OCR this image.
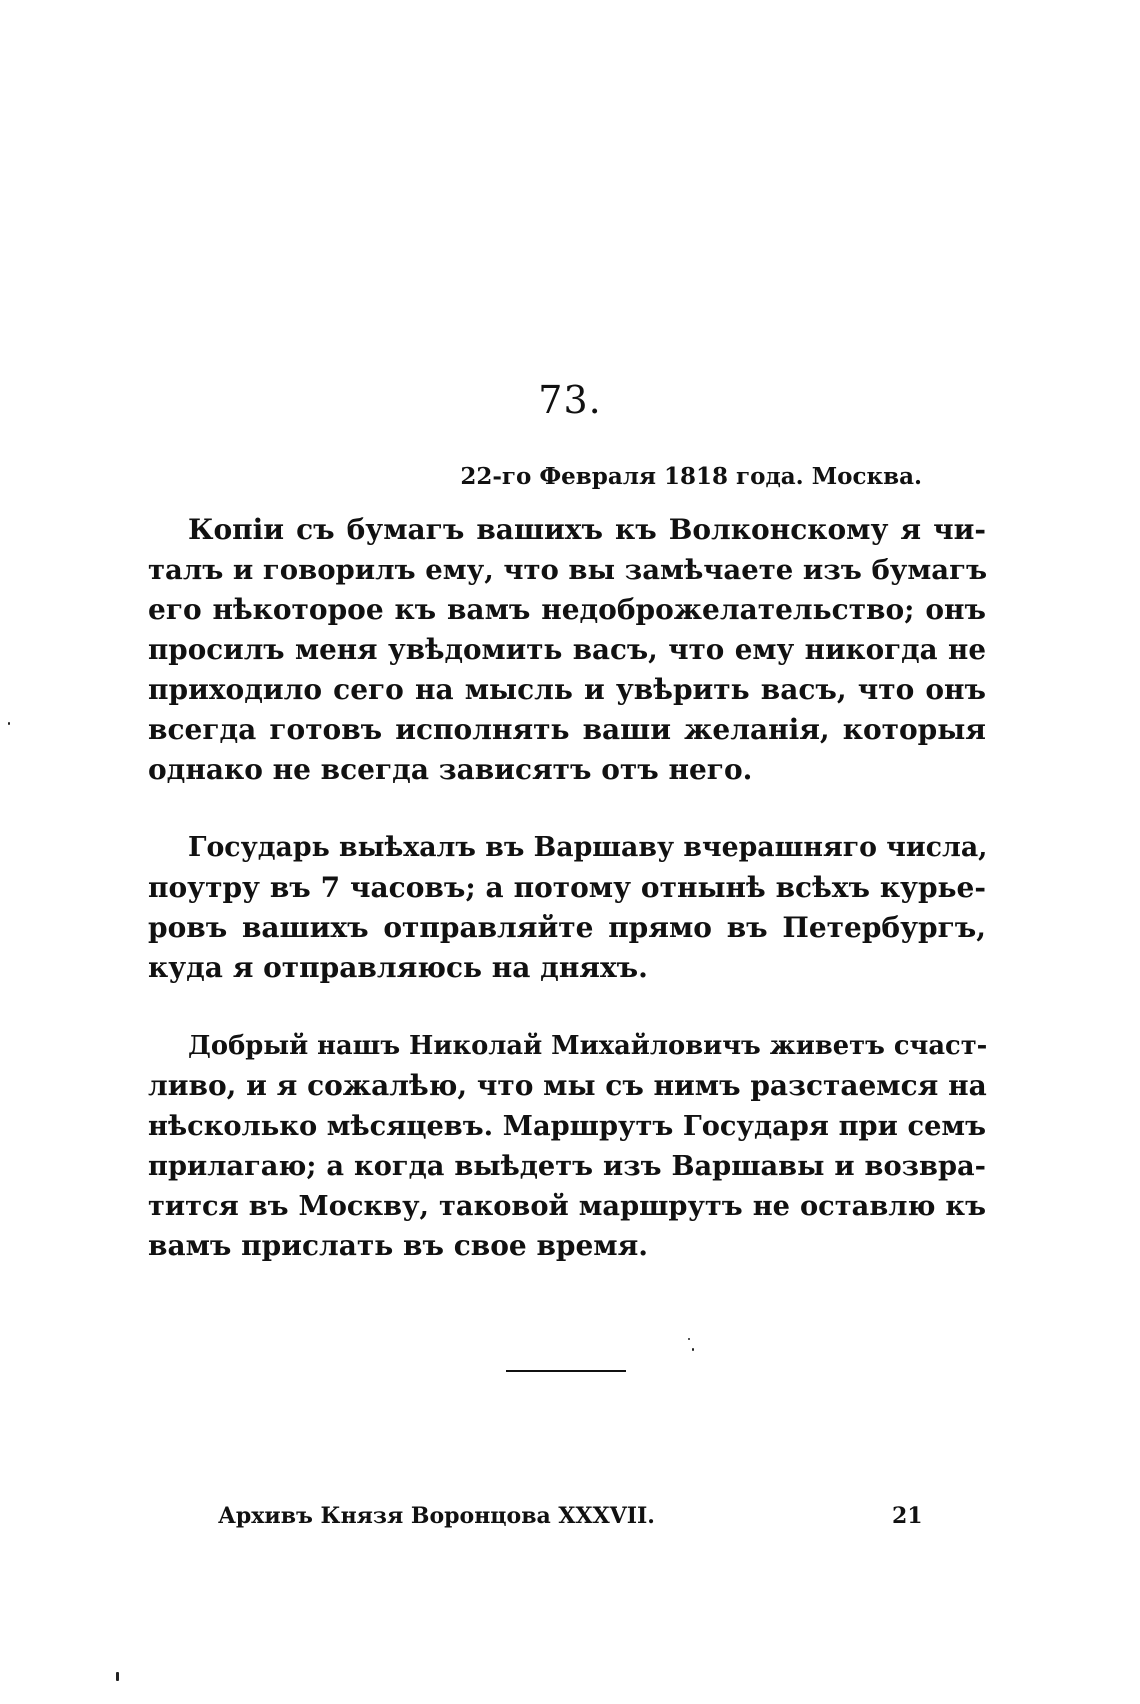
73.
22-го Февраля 1818 года. Москва.

Копіи съ бумагъ вашихъ къ Волконскому я чи-
талъ и говорилъ ему, что вы замѣчаете изъ бумагъ
его нѣкоторое къ вамъ недоброжелательство; онъ
просилъ меня увѣдомить васъ, что ему никогда не
приходило сего на мысль и увѣрить васъ, что онъ
всегда готовъ исполнять ваши желанія, которыя
однако не всегда зависятъ отъ него.

Государь выѣхалъ въ Варшаву вчерашняго числа,
поутру въ 7 часовъ; а потому отнынѣ всѣхъ курье-
ровъ вашихъ отправляйте прямо въ Петербургъ,
куда я отправляюсь на дняхъ.

Добрый нашъ Николай Михайловичъ живетъ счаст-
ливо, и я сожалѣю, что мы съ нимъ разстаемся на
нѣсколько мѣсяцевъ. Маршрутъ Государя при семъ
прилагаю; а когда выѣдетъ изъ Варшавы и возвра-
тится въ Москву, таковой маршрутъ не оставлю къ
вамъ прислать въ свое время.

Архивъ Князя Воронцова XXXVII.	21
